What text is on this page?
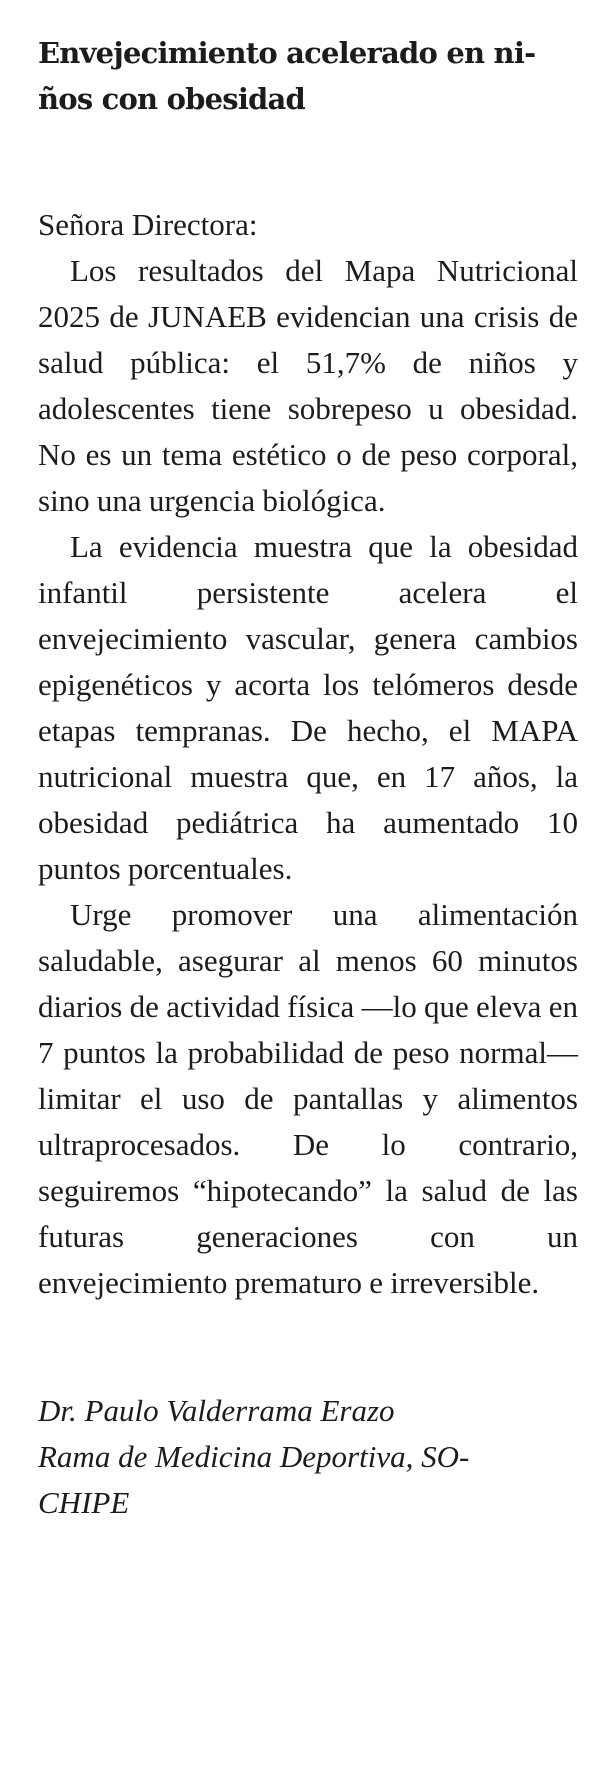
Envejecimiento acelerado en ni-
ños con obesidad

Señora Directora:

Los resultados del Mapa Nutricional 2025 de JUNAEB evidencian una crisis de salud pública: el 51,7% de niños y adolescentes tiene sobrepeso u obesidad. No es un tema estético o de peso corporal, sino una urgencia biológica.

La evidencia muestra que la obesidad infantil persistente acelera el envejecimiento vascular, genera cambios epigenéticos y acorta los telómeros desde etapas tempranas. De hecho, el MAPA nutricional muestra que, en 17 años, la obesidad pediátrica ha aumentado 10 puntos porcentuales.

Urge promover una alimentación saludable, asegurar al menos 60 minutos diarios de actividad física —lo que eleva en 7 puntos la probabilidad de peso normal— limitar el uso de pantallas y alimentos ultraprocesados. De lo contrario, seguiremos “hipotecando” la salud de las futuras generaciones con un envejecimiento prematuro e irreversible.

Dr. Paulo Valderrama Erazo
Rama de Medicina Deportiva, SO-
CHIPE
